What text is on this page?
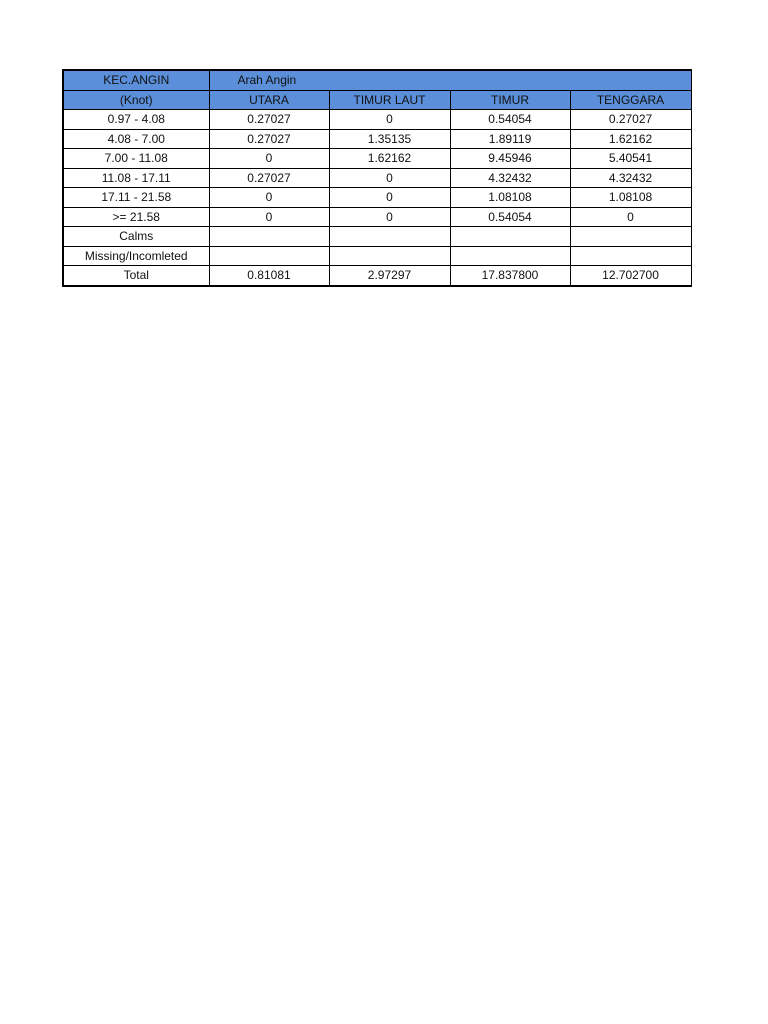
KEC.ANGIN	Arah Angin			
(Knot)	UTARA	TIMUR LAUT	TIMUR	TENGGARA
0.97 - 4.08	0.27027	0	0.54054	0.27027
4.08 - 7.00	0.27027	1.35135	1.89119	1.62162
7.00 - 11.08	0	1.62162	9.45946	5.40541
11.08 - 17.11	0.27027	0	4.32432	4.32432
17.11 - 21.58	0	0	1.08108	1.08108
>= 21.58	0	0	0.54054	0
Calms				
Missing/Incomleted				
Total	0.81081	2.97297	17.837800	12.702700
